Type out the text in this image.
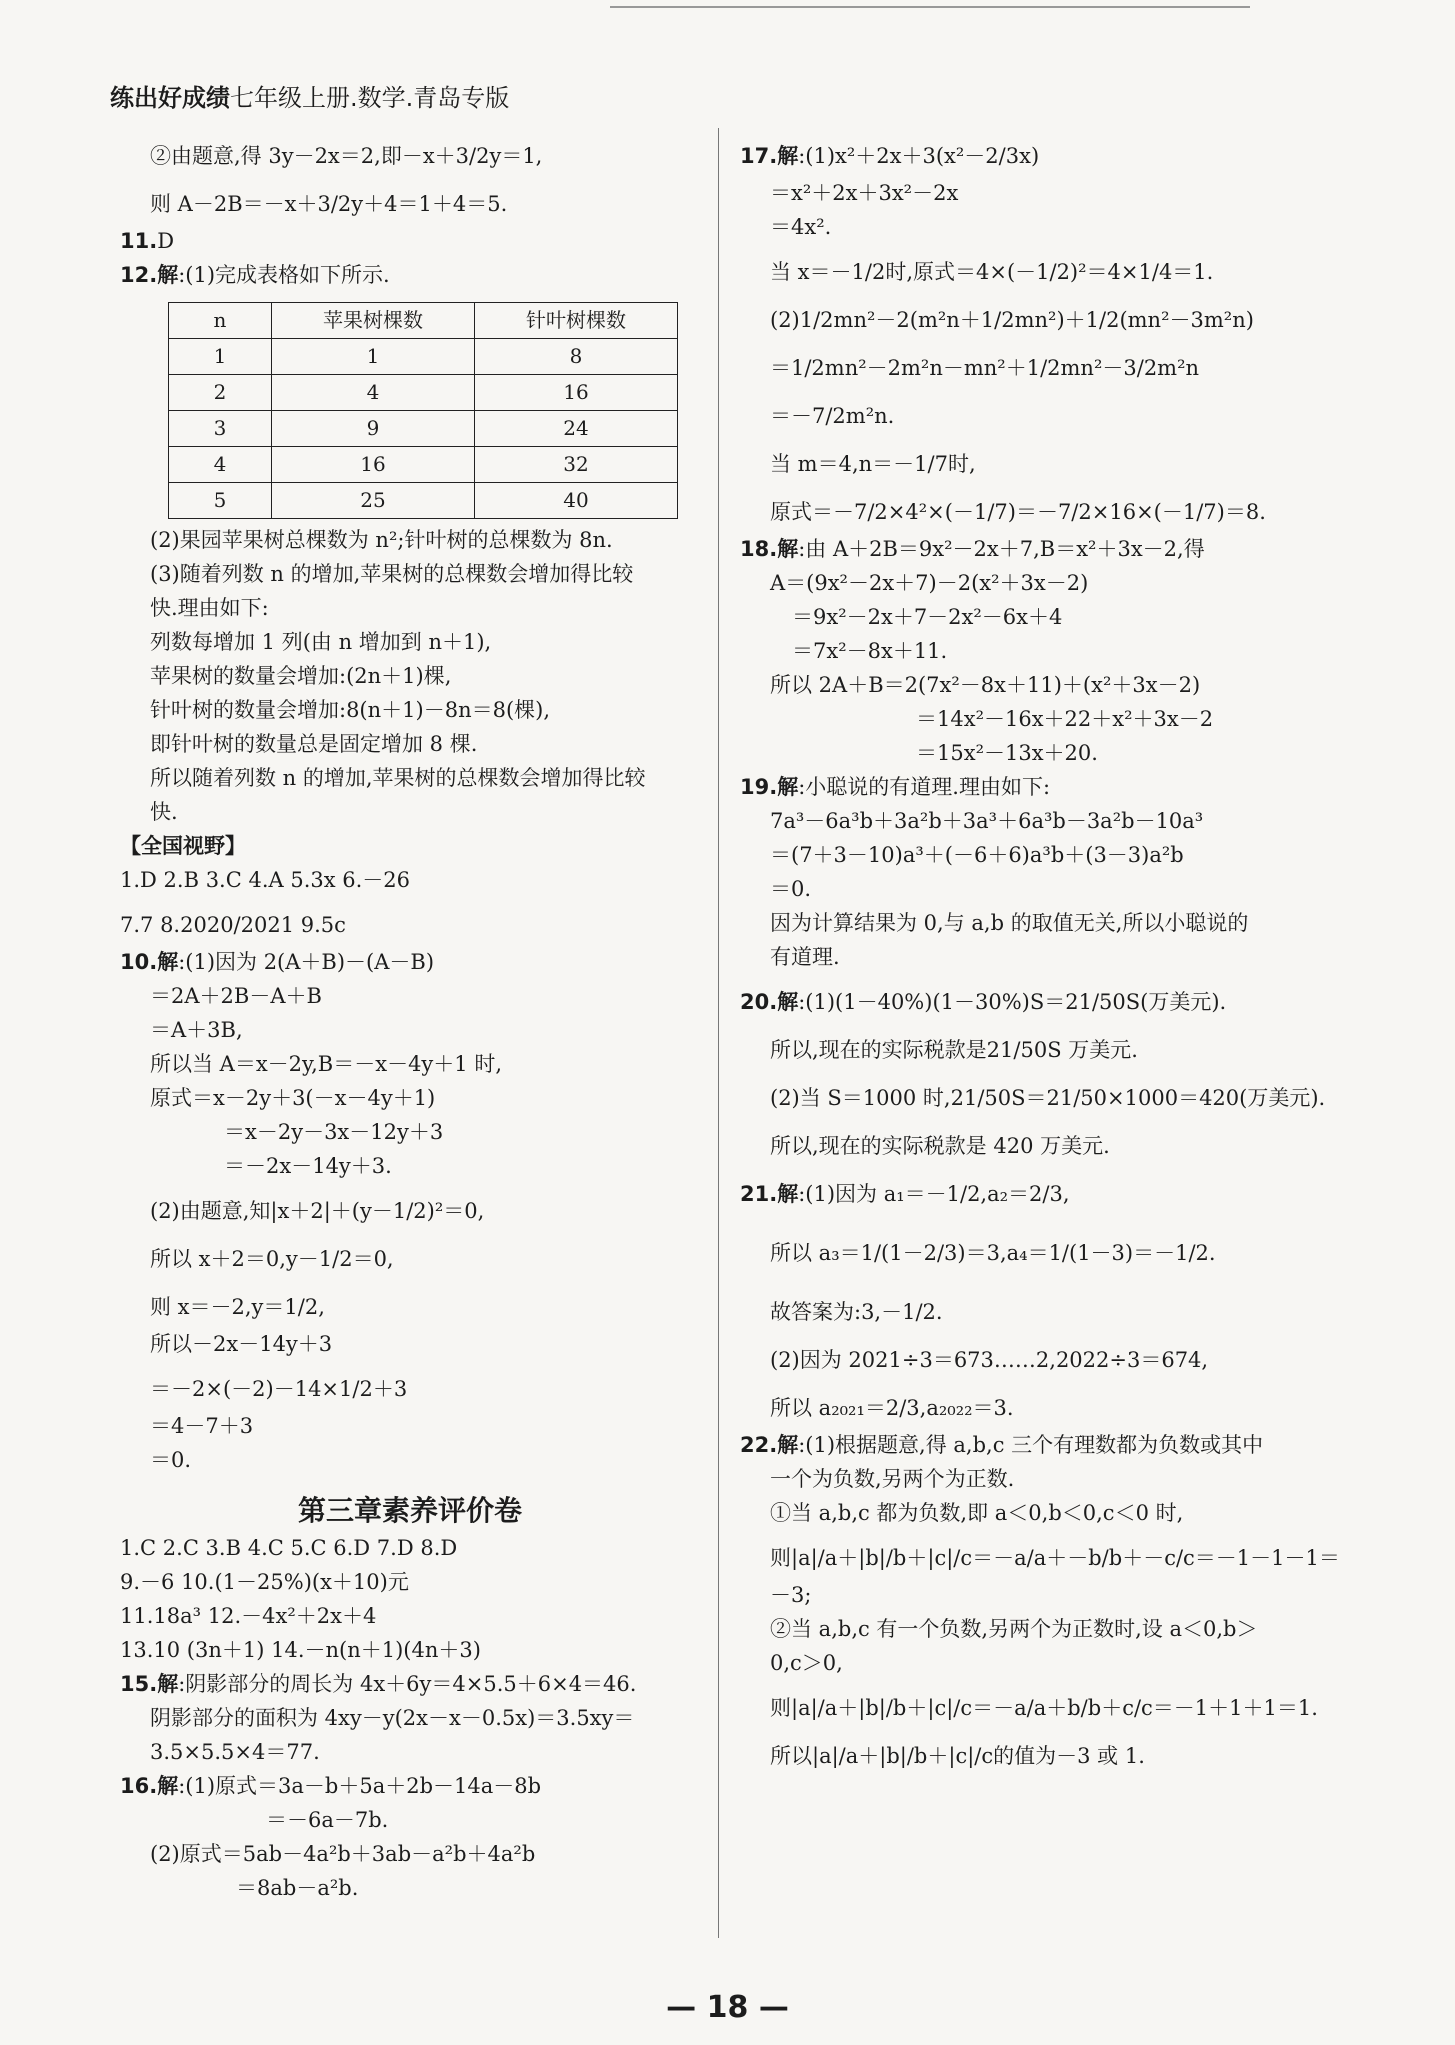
练出好成绩七年级上册.数学.青岛专版

②由题意,得 3y－2x＝2,即－x＋3/2y＝1,

则 A－2B＝－x＋3/2y＋4＝1＋4＝5.

11.D

12.解:(1)完成表格如下所示.

n	苹果树棵数	针叶树棵数
1	1	8
2	4	16
3	9	24
4	16	32
5	25	40

(2)果园苹果树总棵数为 n²;针叶树的总棵数为 8n.

(3)随着列数 n 的增加,苹果树的总棵数会增加得比较

快.理由如下:

列数每增加 1 列(由 n 增加到 n＋1),

苹果树的数量会增加:(2n＋1)棵,

针叶树的数量会增加:8(n＋1)－8n＝8(棵),

即针叶树的数量总是固定增加 8 棵.

所以随着列数 n 的增加,苹果树的总棵数会增加得比较

快.

【全国视野】

1.D 2.B 3.C 4.A 5.3x 6.－26

7.7 8.2020/2021 9.5c

10.解:(1)因为 2(A＋B)－(A－B)

＝2A＋2B－A＋B

＝A＋3B,

所以当 A＝x－2y,B＝－x－4y＋1 时,

原式＝x－2y＋3(－x－4y＋1)

＝x－2y－3x－12y＋3

＝－2x－14y＋3.

(2)由题意,知|x＋2|＋(y－1/2)²＝0,

所以 x＋2＝0,y－1/2＝0,

则 x＝－2,y＝1/2,

所以－2x－14y＋3

＝－2×(－2)－14×1/2＋3

＝4－7＋3

＝0.

第三章素养评价卷

1.C 2.C 3.B 4.C 5.C 6.D 7.D 8.D

9.－6 10.(1－25%)(x＋10)元

11.18a³ 12.－4x²＋2x＋4

13.10 (3n＋1) 14.－n(n＋1)(4n＋3)

15.解:阴影部分的周长为 4x＋6y＝4×5.5＋6×4＝46.

阴影部分的面积为 4xy－y(2x－x－0.5x)＝3.5xy＝

3.5×5.5×4＝77.

16.解:(1)原式＝3a－b＋5a＋2b－14a－8b

＝－6a－7b.

(2)原式＝5ab－4a²b＋3ab－a²b＋4a²b

＝8ab－a²b.

17. 解 :(1)x²＋2x＋3(x²－2/3x)

＝x²＋2x＋3x²－2x

＝4x².

当 x＝－1/2时,原式＝4×(－1/2)²＝4×1/4＝1.

(2)1/2mn²－2(m²n＋1/2mn²)＋1/2(mn²－3m²n)

＝1/2mn²－2m²n－mn²＋1/2mn²－3/2m²n

＝－7/2m²n.

当 m＝4,n＝－1/7时,

原式＝－7/2×4²×(－1/7)＝－7/2×16×(－1/7)＝8.

18.解:由 A＋2B＝9x²－2x＋7,B＝x²＋3x－2,得

A＝(9x²－2x＋7)－2(x²＋3x－2)

＝9x²－2x＋7－2x²－6x＋4

＝7x²－8x＋11.

所以 2A＋B＝2(7x²－8x＋11)＋(x²＋3x－2)

＝14x²－16x＋22＋x²＋3x－2

＝15x²－13x＋20.

19.解:小聪说的有道理.理由如下:

7a³－6a³b＋3a²b＋3a³＋6a³b－3a²b－10a³

＝(7＋3－10)a³＋(－6＋6)a³b＋(3－3)a²b

＝0.

因为计算结果为 0,与 a,b 的取值无关,所以小聪说的

有道理.

20. 解 :(1)(1－40%)(1－30%)S＝21/50S(万美元).

所以,现在的实际税款是21/50S 万美元.

(2)当 S＝1000 时,21/50S＝21/50×1000＝420(万美元).

所以,现在的实际税款是 420 万美元.

21. 解 :(1)因为 a₁＝－1/2,a₂＝2/3,

所以 a₃＝1/(1－2/3)＝3,a₄＝1/(1－3)＝－1/2.

故答案为:3,－1/2.

(2)因为 2021÷3＝673……2,2022÷3＝674,

所以 a₂₀₂₁＝2/3,a₂₀₂₂＝3.

22.解:(1)根据题意,得 a,b,c 三个有理数都为负数或其中

一个为负数,另两个为正数.

①当 a,b,c 都为负数,即 a＜0,b＜0,c＜0 时,

则|a|/a＋|b|/b＋|c|/c＝－a/a＋－b/b＋－c/c＝－1－1－1＝

－3;

②当 a,b,c 有一个负数,另两个为正数时,设 a＜0,b＞

0,c＞0,

则|a|/a＋|b|/b＋|c|/c＝－a/a＋b/b＋c/c＝－1＋1＋1＝1.

所以|a|/a＋|b|/b＋|c|/c的值为－3 或 1.

— 18 —
